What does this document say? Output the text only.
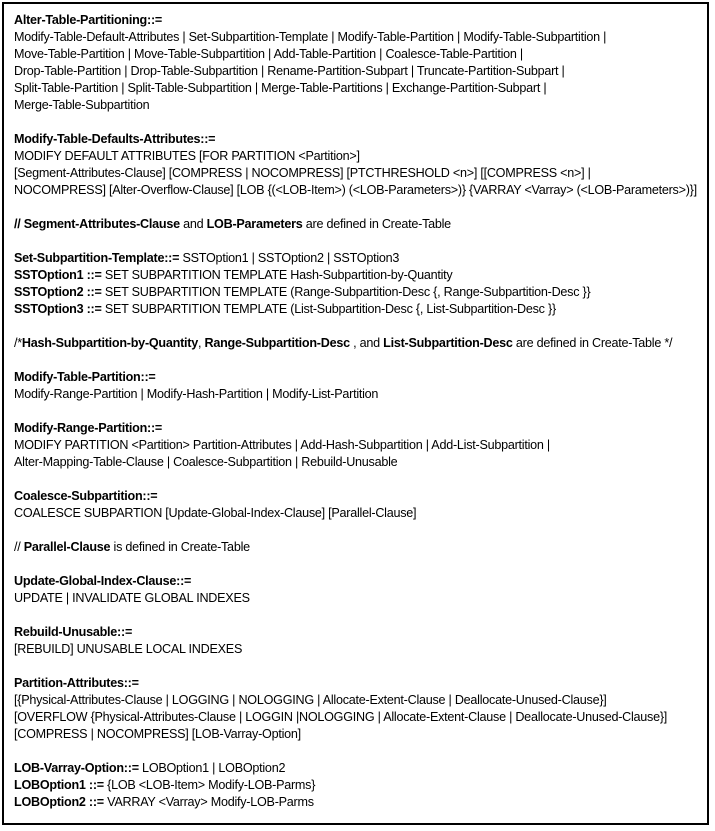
Alter-Table-Partitioning::=
Modify-Table-Default-Attributes | Set-Subpartition-Template | Modify-Table-Partition | Modify-Table-Subpartition |
Move-Table-Partition | Move-Table-Subpartition | Add-Table-Partition | Coalesce-Table-Partition |
Drop-Table-Partition | Drop-Table-Subpartition | Rename-Partition-Subpart | Truncate-Partition-Subpart |
Split-Table-Partition | Split-Table-Subpartition | Merge-Table-Partitions | Exchange-Partition-Subpart |
Merge-Table-Subpartition
Modify-Table-Defaults-Attributes::=
MODIFY DEFAULT ATTRIBUTES [FOR PARTITION <Partition>]
[Segment-Attributes-Clause] [COMPRESS | NOCOMPRESS] [PTCTHRESHOLD <n>] [[COMPRESS <n>] |
NOCOMPRESS] [Alter-Overflow-Clause] [LOB {(<LOB-Item>) (<LOB-Parameters>)} {VARRAY <Varray> (<LOB-Parameters>)}]
// Segment-Attributes-Clause and LOB-Parameters are defined in Create-Table
Set-Subpartition-Template::= SSTOption1 | SSTOption2 | SSTOption3
SSTOption1 ::= SET SUBPARTITION TEMPLATE Hash-Subpartition-by-Quantity
SSTOption2 ::= SET SUBPARTITION TEMPLATE (Range-Subpartition-Desc {, Range-Subpartition-Desc }}
SSTOption3 ::= SET SUBPARTITION TEMPLATE (List-Subpartition-Desc {, List-Subpartition-Desc }}
/*Hash-Subpartition-by-Quantity, Range-Subpartition-Desc , and List-Subpartition-Desc are defined in Create-Table */
Modify-Table-Partition::=
Modify-Range-Partition | Modify-Hash-Partition | Modify-List-Partition
Modify-Range-Partition::=
MODIFY PARTITION <Partition> Partition-Attributes | Add-Hash-Subpartition | Add-List-Subpartition |
Alter-Mapping-Table-Clause | Coalesce-Subpartition | Rebuild-Unusable
Coalesce-Subpartition::=
COALESCE SUBPARTION [Update-Global-Index-Clause] [Parallel-Clause]
// Parallel-Clause is defined in Create-Table
Update-Global-Index-Clause::=
UPDATE | INVALIDATE GLOBAL INDEXES
Rebuild-Unusable::=
[REBUILD] UNUSABLE LOCAL INDEXES
Partition-Attributes::=
[{Physical-Attributes-Clause | LOGGING | NOLOGGING | Allocate-Extent-Clause | Deallocate-Unused-Clause}]
[OVERFLOW {Physical-Attributes-Clause | LOGGIN |NOLOGGING | Allocate-Extent-Clause | Deallocate-Unused-Clause}]
[COMPRESS | NOCOMPRESS] [LOB-Varray-Option]
LOB-Varray-Option::= LOBOption1 | LOBOption2
LOBOption1 ::= {LOB <LOB-Item> Modify-LOB-Parms}
LOBOption2 ::= VARRAY <Varray> Modify-LOB-Parms
